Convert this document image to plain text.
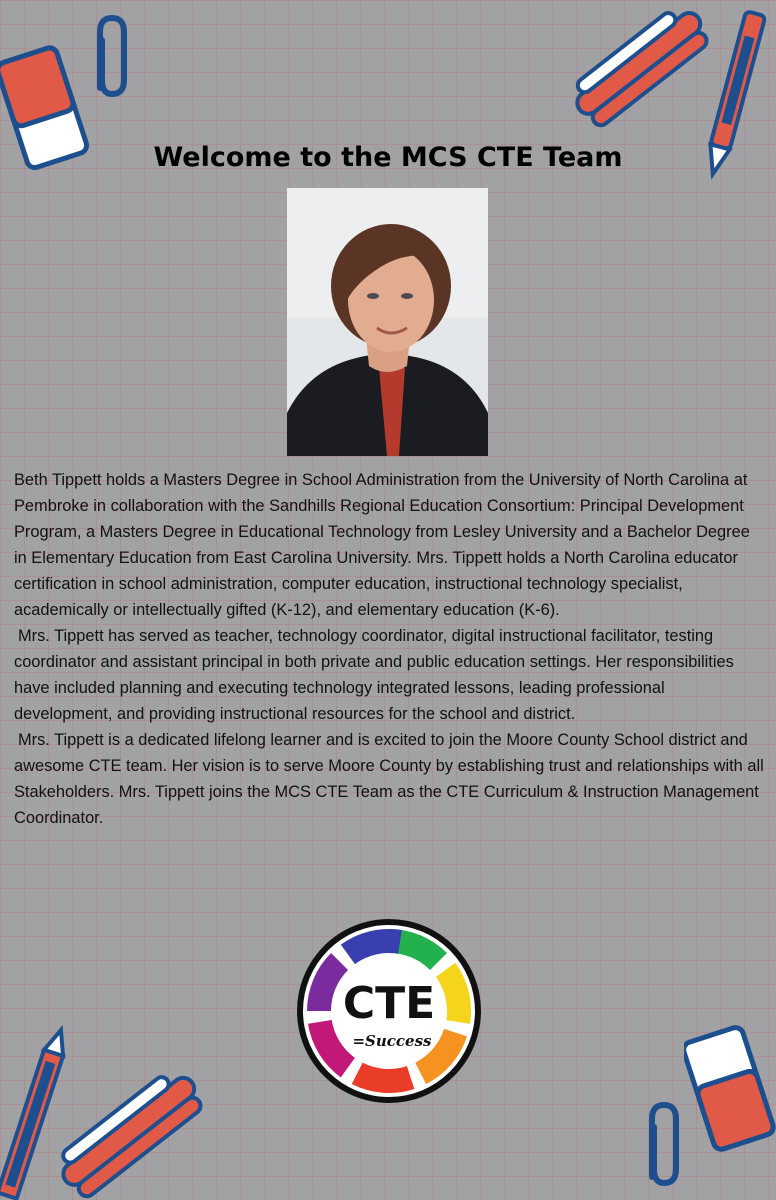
Welcome to the MCS CTE Team

Beth Tippett holds a Masters Degree in School Administration from the University of North Carolina at Pembroke in collaboration with the Sandhills Regional Education Consortium: Principal Development Program, a Masters Degree in Educational Technology from Lesley University and a Bachelor Degree in Elementary Education from East Carolina University. Mrs. Tippett holds a North Carolina educator certification in school administration, computer education, instructional technology specialist, academically or intellectually gifted (K-12), and elementary education (K-6).

Mrs. Tippett has served as teacher, technology coordinator, digital instructional facilitator, testing coordinator and assistant principal in both private and public education settings. Her responsibilities have included planning and executing technology integrated lessons, leading professional development, and providing instructional resources for the school and district.

Mrs. Tippett is a dedicated lifelong learner and is excited to join the Moore County School district and awesome CTE team. Her vision is to serve Moore County by establishing trust and relationships with all Stakeholders. Mrs. Tippett joins the MCS CTE Team as the CTE Curriculum & Instruction Management Coordinator.

CTE
=Success
